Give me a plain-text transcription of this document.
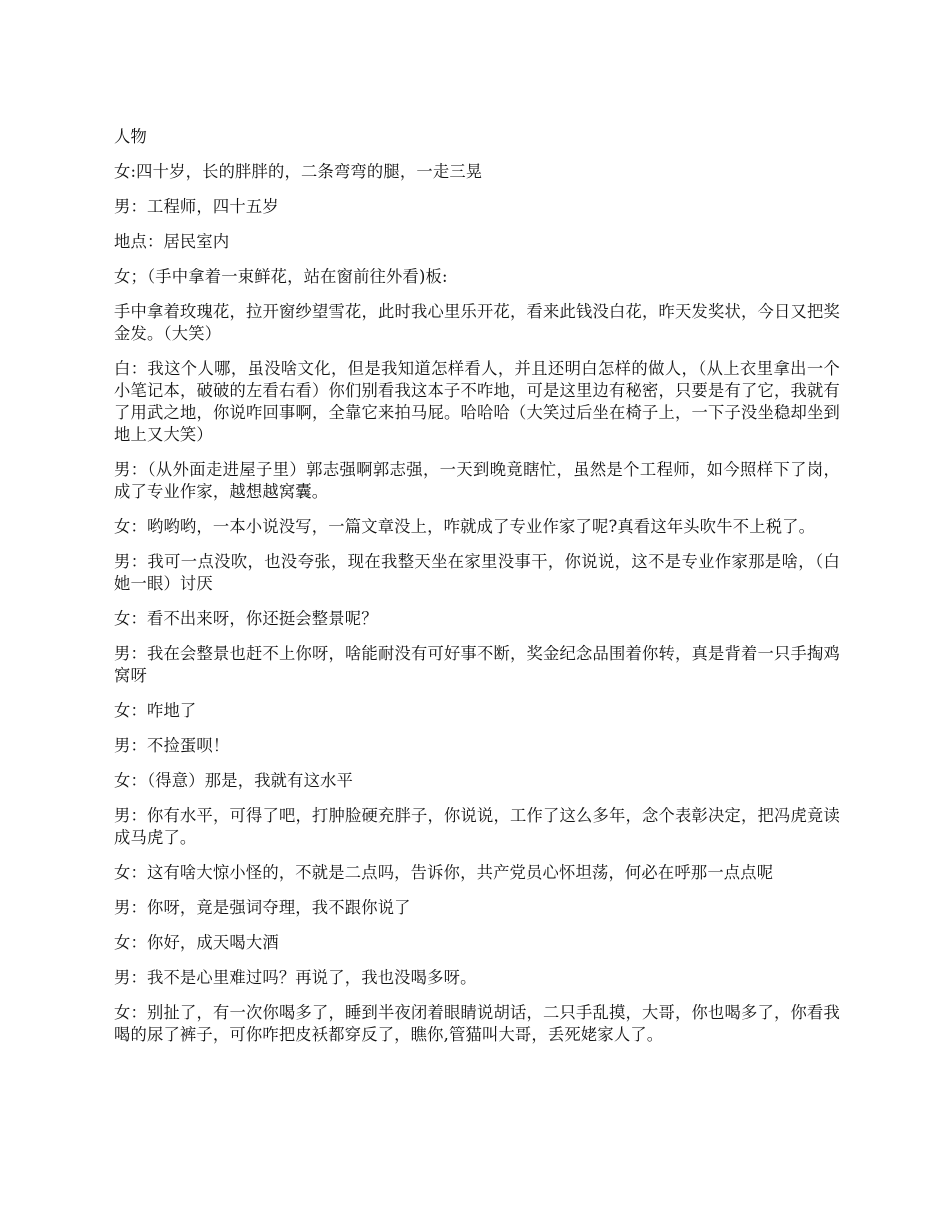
人物

女:四十岁，长的胖胖的，二条弯弯的腿，一走三晃

男：工程师，四十五岁

地点：居民室内

女；（手中拿着一束鲜花，站在窗前往外看)板:

手中拿着玫瑰花，拉开窗纱望雪花，此时我心里乐开花，看来此钱没白花，昨天发奖状，今日又把奖金发。（大笑）

白：我这个人哪，虽没啥文化，但是我知道怎样看人，并且还明白怎样的做人，（从上衣里拿出一个小笔记本，破破的左看右看）你们别看我这本子不咋地，可是这里边有秘密，只要是有了它，我就有了用武之地，你说咋回事啊，全靠它来拍马屁。哈哈哈（大笑过后坐在椅子上，一下子没坐稳却坐到地上又大笑）

男：（从外面走进屋子里）郭志强啊郭志强，一天到晚竟瞎忙，虽然是个工程师，如今照样下了岗，成了专业作家，越想越窝囊。

女：哟哟哟，一本小说没写，一篇文章没上，咋就成了专业作家了呢?真看这年头吹牛不上税了。

男：我可一点没吹，也没夸张，现在我整天坐在家里没事干，你说说，这不是专业作家那是啥，（白她一眼）讨厌

女：看不出来呀，你还挺会整景呢？

男：我在会整景也赶不上你呀，啥能耐没有可好事不断，奖金纪念品围着你转，真是背着一只手掏鸡窝呀

女：咋地了

男：不捡蛋呗！

女：（得意）那是，我就有这水平

男：你有水平，可得了吧，打肿脸硬充胖子，你说说，工作了这么多年，念个表彰决定，把冯虎竟读成马虎了。

女：这有啥大惊小怪的，不就是二点吗，告诉你，共产党员心怀坦荡，何必在呼那一点点呢

男：你呀，竟是强词夺理，我不跟你说了

女：你好，成天喝大酒

男：我不是心里难过吗？再说了，我也没喝多呀。

女：别扯了，有一次你喝多了，睡到半夜闭着眼睛说胡话，二只手乱摸，大哥，你也喝多了，你看我喝的尿了裤子，可你咋把皮袄都穿反了，瞧你,管猫叫大哥，丢死姥家人了。
